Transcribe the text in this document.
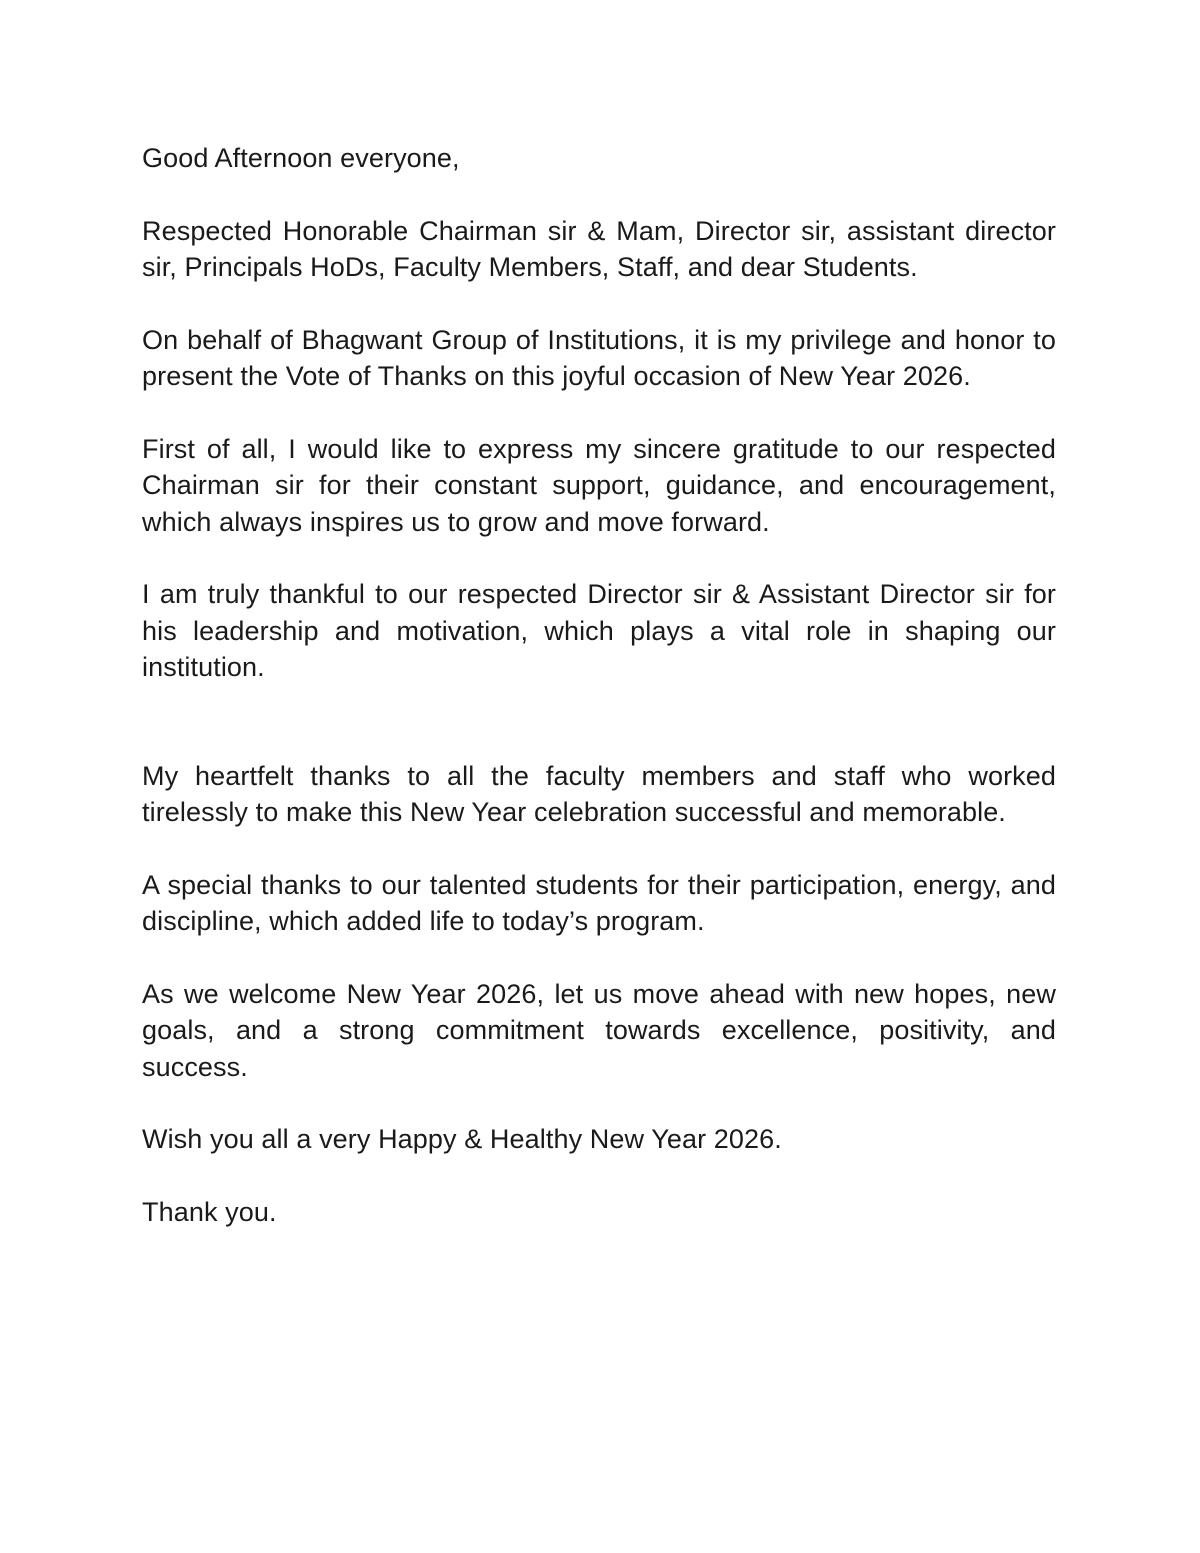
Good Afternoon everyone,

Respected Honorable Chairman sir & Mam, Director sir, assistant director sir, Principals HoDs, Faculty Members, Staff, and dear Students.

On behalf of Bhagwant Group of Institutions, it is my privilege and honor to present the Vote of Thanks on this joyful occasion of New Year 2026.

First of all, I would like to express my sincere gratitude to our respected Chairman sir for their constant support, guidance, and encouragement, which always inspires us to grow and move forward.

I am truly thankful to our respected Director sir & Assistant Director sir for his leadership and motivation, which plays a vital role in shaping our institution.

My heartfelt thanks to all the faculty members and staff who worked tirelessly to make this New Year celebration successful and memorable.

A special thanks to our talented students for their participation, energy, and discipline, which added life to today’s program.

As we welcome New Year 2026, let us move ahead with new hopes, new goals, and a strong commitment towards excellence, positivity, and success.

Wish you all a very Happy & Healthy New Year 2026.

Thank you.
